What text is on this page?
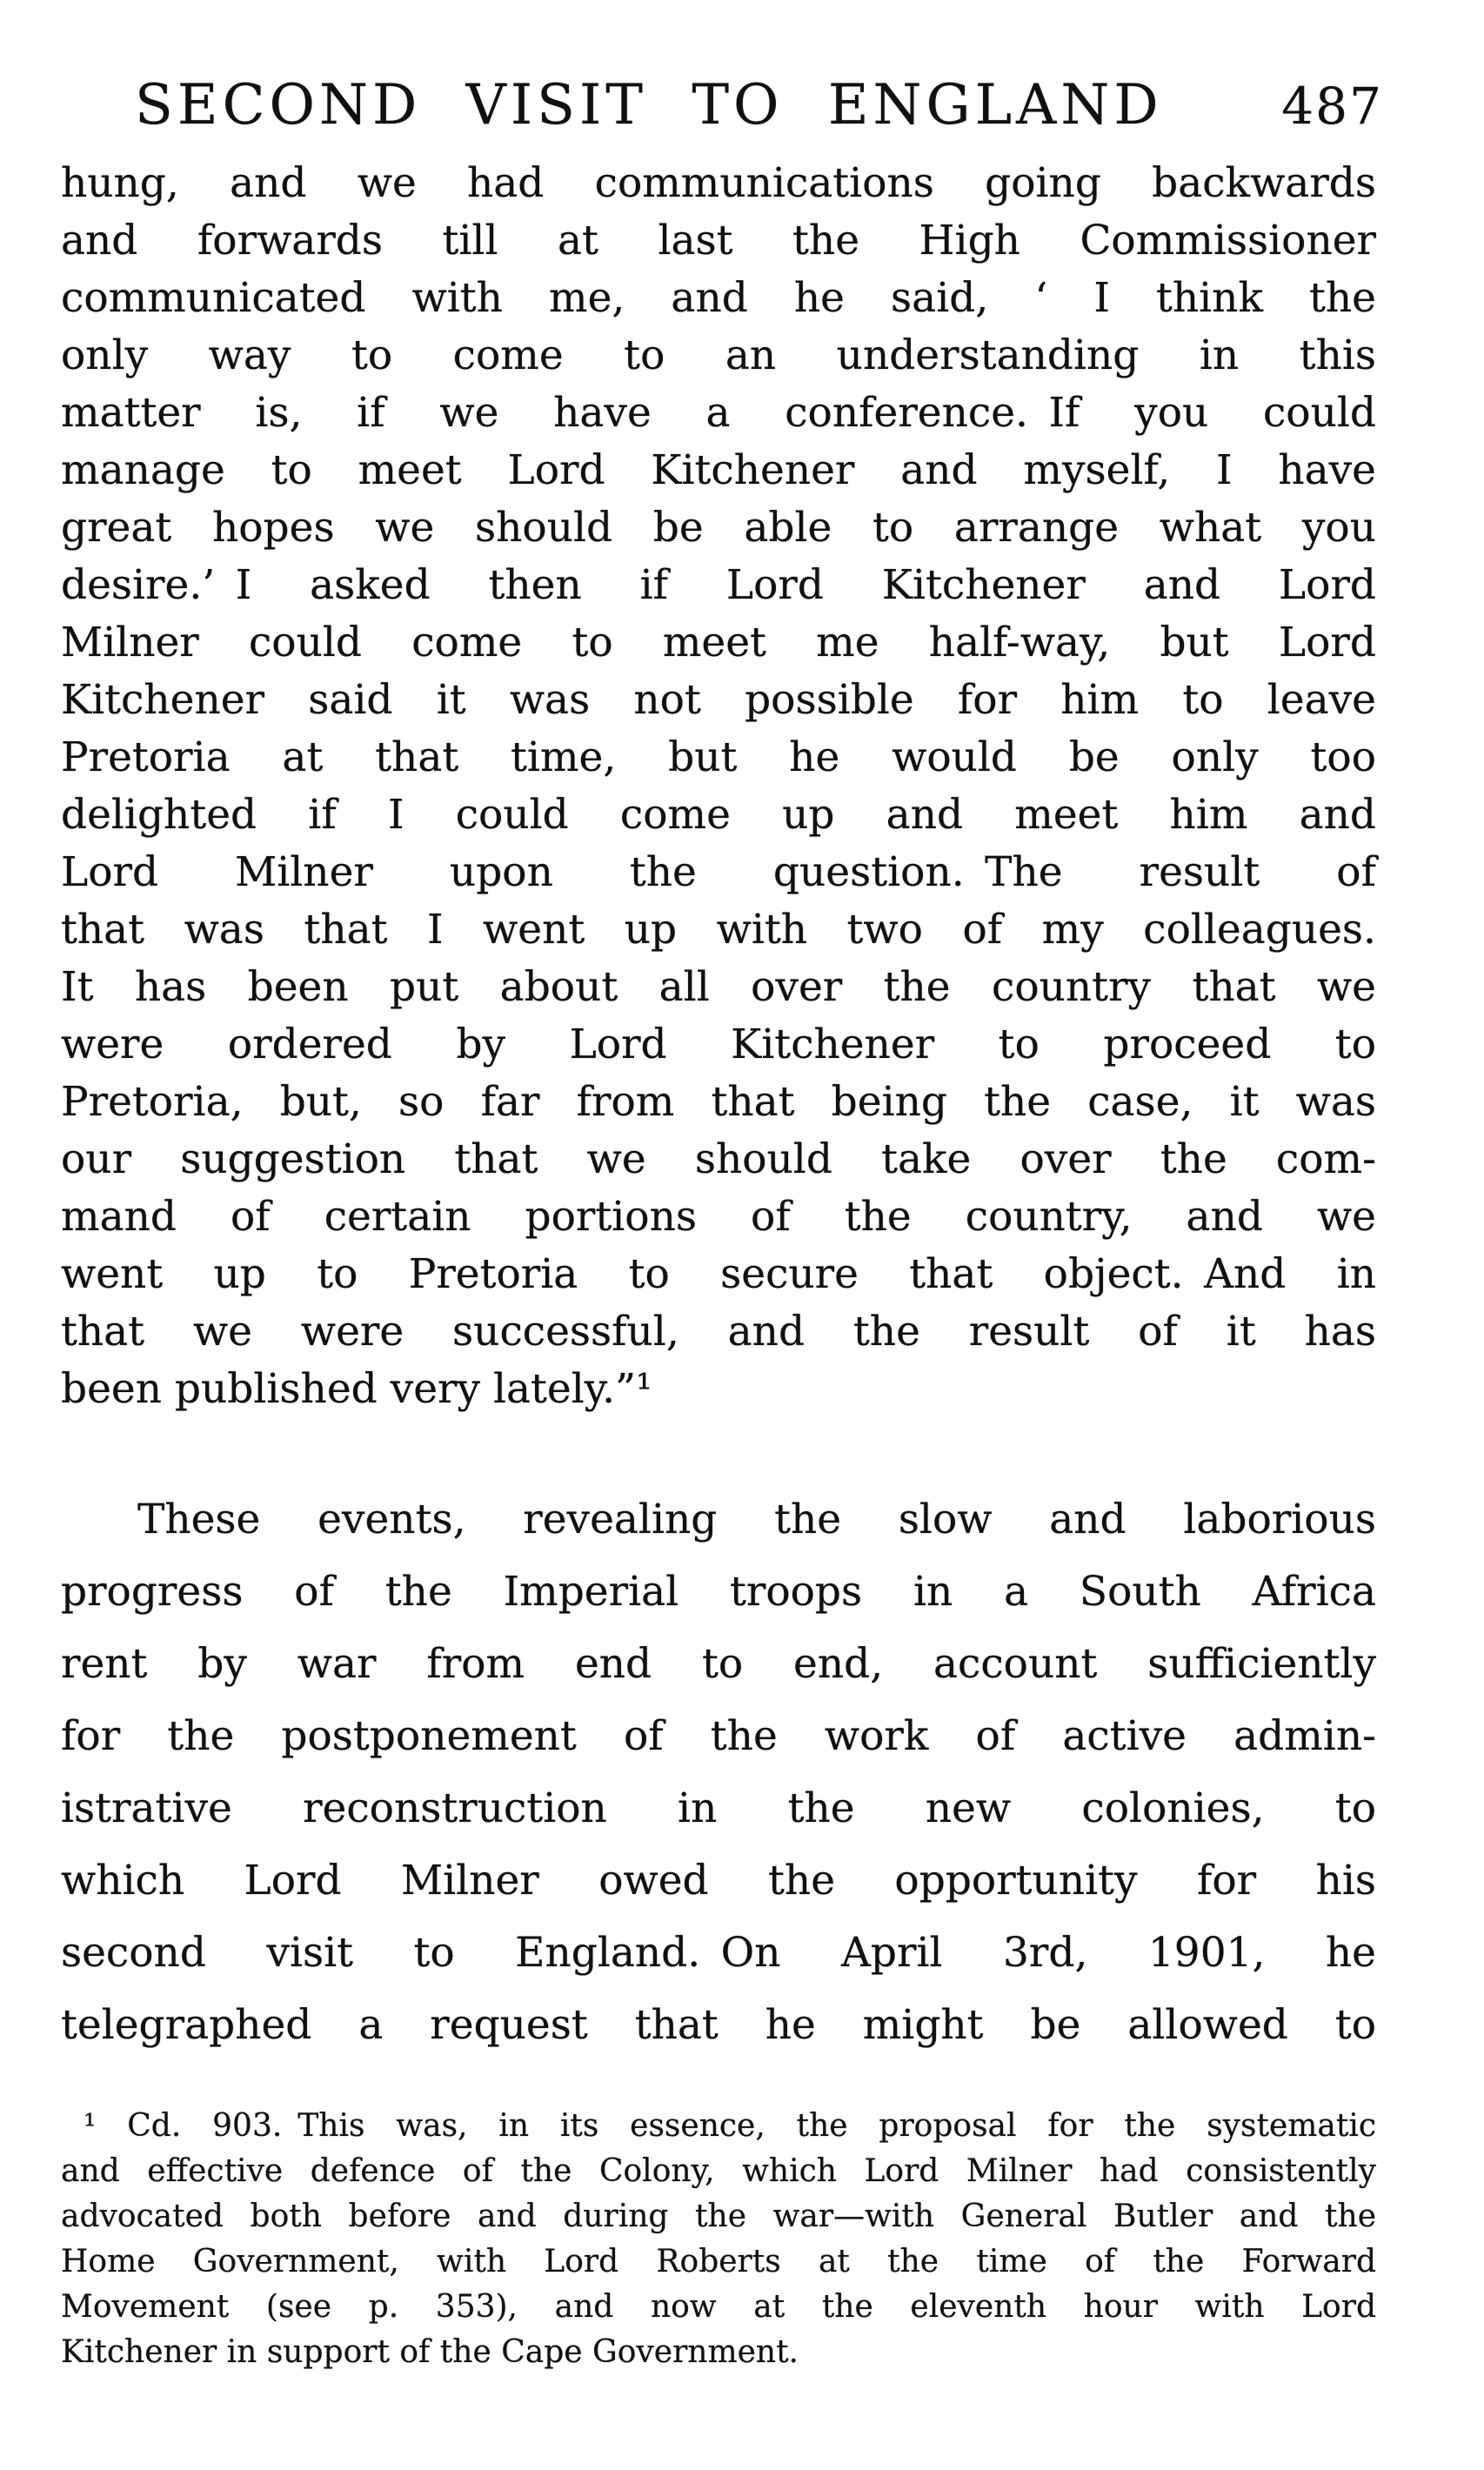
SECOND VISIT TO ENGLAND 487
hung, and we had communications going backwards
and forwards till at last the High Commissioner
communicated with me, and he said, ‘ I think the
only way to come to an understanding in this
matter is, if we have a conference. If you could
manage to meet Lord Kitchener and myself, I have
great hopes we should be able to arrange what you
desire.’ I asked then if Lord Kitchener and Lord
Milner could come to meet me half-way, but Lord
Kitchener said it was not possible for him to leave
Pretoria at that time, but he would be only too
delighted if I could come up and meet him and
Lord Milner upon the question. The result of
that was that I went up with two of my colleagues.
It has been put about all over the country that we
were ordered by Lord Kitchener to proceed to
Pretoria, but, so far from that being the case, it was
our suggestion that we should take over the com-
mand of certain portions of the country, and we
went up to Pretoria to secure that object. And in
that we were successful, and the result of it has
been published very lately.”¹
These events, revealing the slow and laborious
progress of the Imperial troops in a South Africa
rent by war from end to end, account sufficiently
for the postponement of the work of active admin-
istrative reconstruction in the new colonies, to
which Lord Milner owed the opportunity for his
second visit to England. On April 3rd, 1901, he
telegraphed a request that he might be allowed to
¹ Cd. 903. This was, in its essence, the proposal for the systematic
and effective defence of the Colony, which Lord Milner had consistently
advocated both before and during the war—with General Butler and the
Home Government, with Lord Roberts at the time of the Forward
Movement (see p. 353), and now at the eleventh hour with Lord
Kitchener in support of the Cape Government.
